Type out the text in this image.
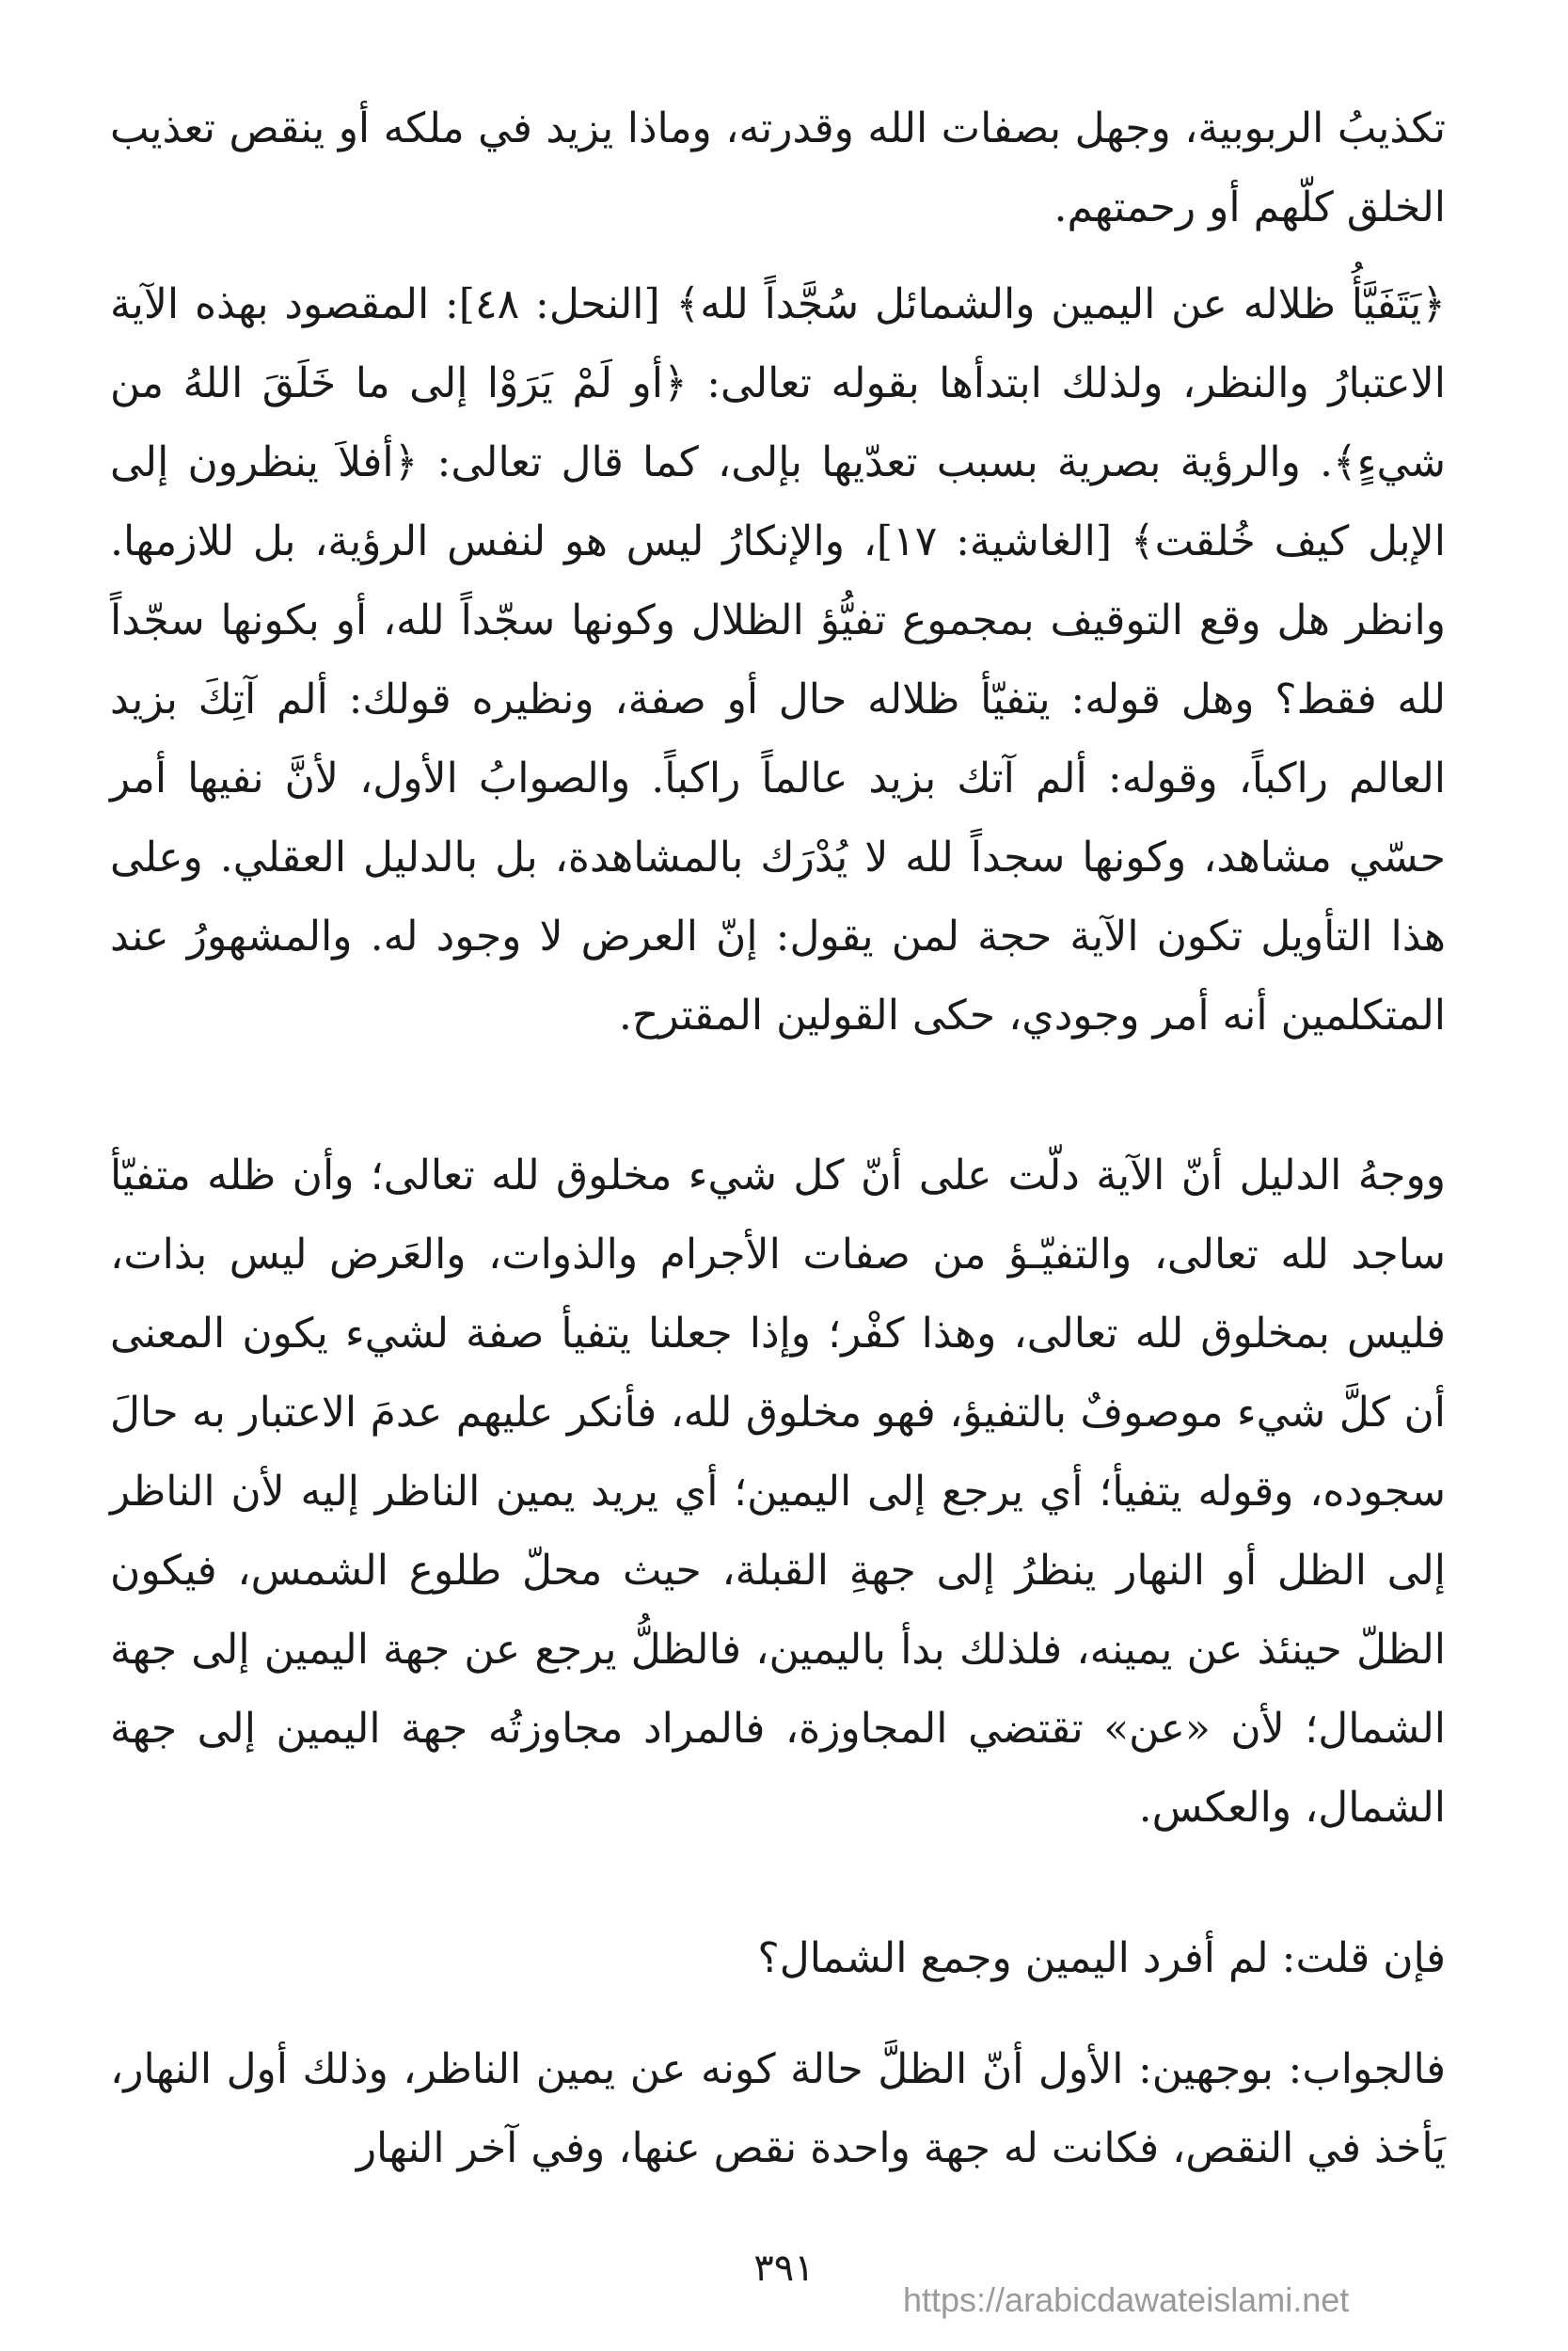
تكذيبُ الربوبية، وجهل بصفات الله وقدرته، وماذا يزيد في ملكه أو ينقص تعذيب الخلق كلّهم أو رحمتهم.

﴿يَتَفَيَّأُ ظلاله عن اليمين والشمائل سُجَّداً لله﴾ [النحل: ٤٨]: المقصود بهذه الآية الاعتبارُ والنظر، ولذلك ابتدأها بقوله تعالى: ﴿أو لَمْ يَرَوْا إلى ما خَلَقَ اللهُ من شيءٍ﴾. والرؤية بصرية بسبب تعدّيها بإلى، كما قال تعالى: ﴿أفلاَ ينظرون إلى الإبل كيف خُلقت﴾ [الغاشية: ١٧]، والإنكارُ ليس هو لنفس الرؤية، بل للازمها. وانظر هل وقع التوقيف بمجموع تفيُّؤ الظلال وكونها سجّداً لله، أو بكونها سجّداً لله فقط؟ وهل قوله: يتفيّأ ظلاله حال أو صفة، ونظيره قولك: ألم آتِكَ بزيد العالم راكباً، وقوله: ألم آتك بزيد عالماً راكباً. والصوابُ الأول، لأنَّ نفيها أمر حسّي مشاهد، وكونها سجداً لله لا يُدْرَك بالمشاهدة، بل بالدليل العقلي. وعلى هذا التأويل تكون الآية حجة لمن يقول: إنّ العرض لا وجود له. والمشهورُ عند المتكلمين أنه أمر وجودي، حكى القولين المقترح.

ووجهُ الدليل أنّ الآية دلّت على أنّ كل شيء مخلوق لله تعالى؛ وأن ظله متفيّأ ساجد لله تعالى، والتفيّـؤ من صفات الأجرام والذوات، والعَرض ليس بذات، فليس بمخلوق لله تعالى، وهذا كفْر؛ وإذا جعلنا يتفيأ صفة لشيء يكون المعنى أن كلَّ شيء موصوفٌ بالتفيؤ، فهو مخلوق لله، فأنكر عليهم عدمَ الاعتبار به حالَ سجوده، وقوله يتفيأ؛ أي يرجع إلى اليمين؛ أي يريد يمين الناظر إليه لأن الناظر إلى الظل أو النهار ينظرُ إلى جهةِ القبلة، حيث محلّ طلوع الشمس، فيكون الظلّ حينئذ عن يمينه، فلذلك بدأ باليمين، فالظلُّ يرجع عن جهة اليمين إلى جهة الشمال؛ لأن «عن» تقتضي المجاوزة، فالمراد مجاوزتُه جهة اليمين إلى جهة الشمال، والعكس.

فإن قلت: لم أفرد اليمين وجمع الشمال؟

فالجواب: بوجهين: الأول أنّ الظلَّ حالة كونه عن يمين الناظر، وذلك أول النهار، يَأخذ في النقص، فكانت له جهة واحدة نقص عنها، وفي آخر النهار

٣٩١
https://arabicdawateislami.net
